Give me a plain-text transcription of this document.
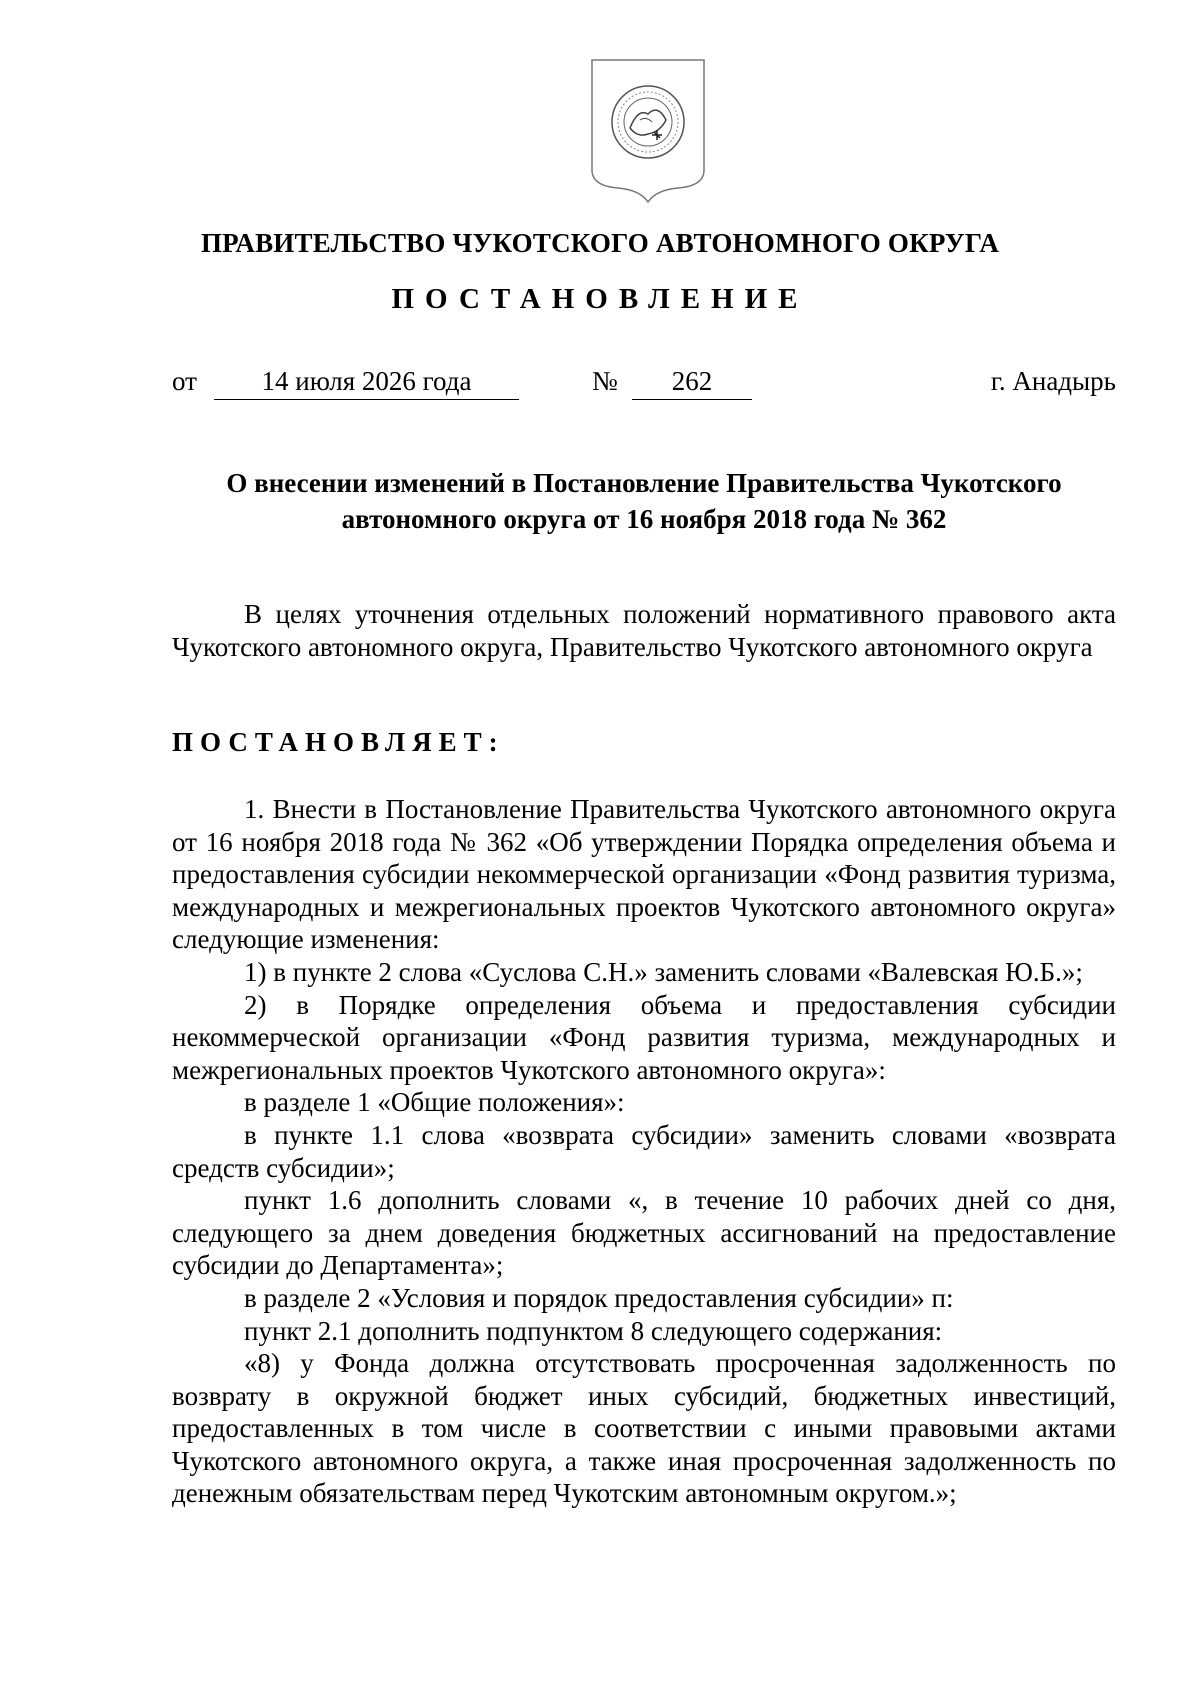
ПРАВИТЕЛЬСТВО ЧУКОТСКОГО АВТОНОМНОГО ОКРУГА
ПОСТАНОВЛЕНИЕ
от	14 июля 2026 года	№	262	г. Анадырь
О внесении изменений в Постановление Правительства Чукотского
автономного округа от 16 ноября 2018 года № 362

В целях уточнения отдельных положений нормативного правового акта Чукотского автономного округа, Правительство Чукотского автономного округа

ПОСТАНОВЛЯЕТ:

1. Внести в Постановление Правительства Чукотского автономного округа от 16 ноября 2018 года № 362 «Об утверждении Порядка определения объема и предоставления субсидии некоммерческой организации «Фонд развития туризма, международных и межрегиональных проектов Чукотского автономного округа» следующие изменения:

1) в пункте 2 слова «Суслова С.Н.» заменить словами «Валевская Ю.Б.»;

2) в Порядке определения объема и предоставления субсидии некоммерческой организации «Фонд развития туризма, международных и межрегиональных проектов Чукотского автономного округа»:

в разделе 1 «Общие положения»:

в пункте 1.1 слова «возврата субсидии» заменить словами «возврата средств субсидии»;

пункт 1.6 дополнить словами «, в течение 10 рабочих дней со дня, следующего за днем доведения бюджетных ассигнований на предоставление субсидии до Департамента»;

в разделе 2 «Условия и порядок предоставления субсидии» п:

пункт 2.1 дополнить подпунктом 8 следующего содержания:

«8) у Фонда должна отсутствовать просроченная задолженность по возврату в окружной бюджет иных субсидий, бюджетных инвестиций, предоставленных в том числе в соответствии с иными правовыми актами Чукотского автономного округа, а также иная просроченная задолженность по денежным обязательствам перед Чукотским автономным округом.»;
